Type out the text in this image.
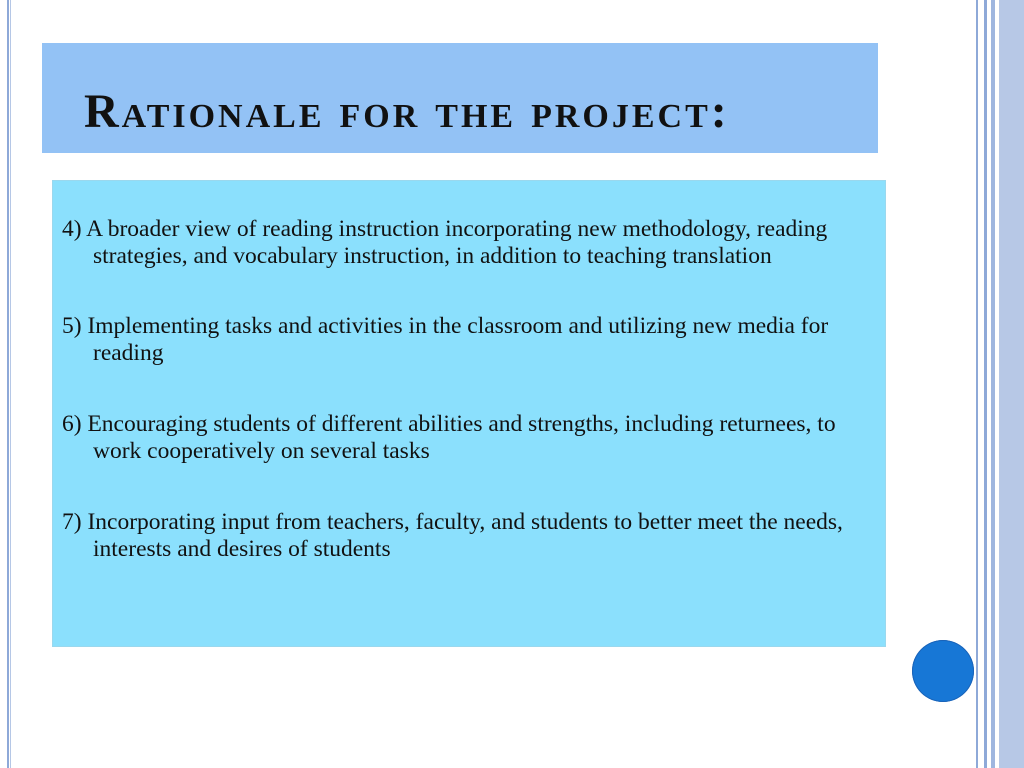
Rationale for the project:
4) A broader view of reading instruction incorporating new methodology, reading strategies, and vocabulary instruction, in addition to teaching translation
5) Implementing tasks and activities in the classroom and utilizing new media for reading
6) Encouraging students of different abilities and strengths, including returnees, to work cooperatively on several tasks
7) Incorporating input from teachers, faculty, and students to better meet the needs, interests and desires of students
